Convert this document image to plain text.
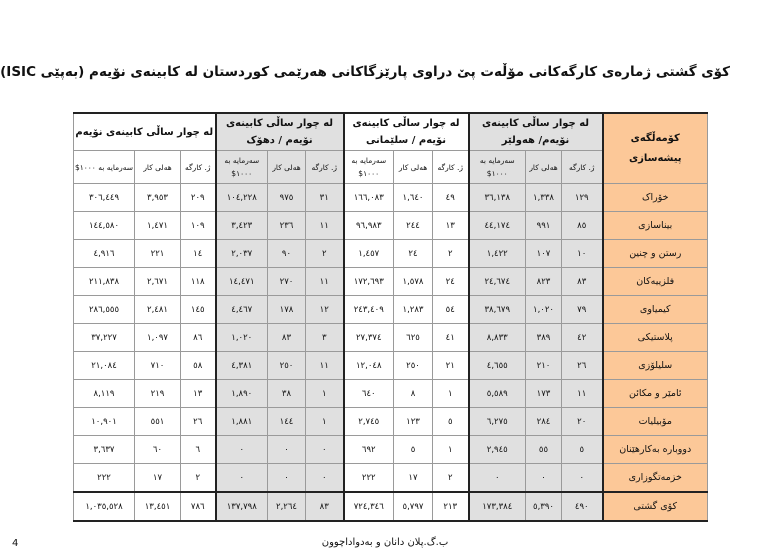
کۆی گشتی ژمارەی کارگەکانی مۆڵەت پێ دراوی پارێزگاکانی هەرێمی کوردستان لە کابینەی نۆیەم (بەپێی ISIC)
لە چوار ساڵی کابینەی نۆیەم			لە چوار ساڵی کابینەی نۆیەم / دهۆک			لە چوار ساڵی کابینەی نۆیەم / سلێمانی			لە چوار ساڵی کابینەی نۆیەم/ هەولێر			کۆمەڵگەی پیشەسازی
سەرمایە بە ١٠٠٠$	هەلی کار	ژ. کارگە	سەرمایە بە ١٠٠٠$	هەلی کار	ژ. کارگە	سەرمایە بە ١٠٠٠$	هەلی کار	ژ. کارگە	سەرمایە بە ١٠٠٠$	هەلی کار	ژ. کارگە	
٣٠٦,٤٤٩	٣,٩٥٣	٢٠٩	١٠٤,٢٢٨	٩٧٥	٣١	١٦٦,٠٨٣	١,٦٤٠	٤٩	٣٦,١٣٨	١,٣٣٨	١٢٩	خۆراک
١٤٤,٥٨٠	١,٤٧١	١٠٩	٣,٤٢٣	٢٣٦	١١	٩٦,٩٨٣	٢٤٤	١٣	٤٤,١٧٤	٩٩١	٨٥	بیناسازی
٤,٩١٦	٢٢١	١٤	٢,٠٣٧	٩٠	٢	١,٤٥٧	٢٤	٢	١,٤٢٢	١٠٧	١٠	رستن و چنین
٢١١,٨٣٨	٢,٦٧١	١١٨	١٤,٤٧١	٢٧٠	١١	١٧٢,٦٩٣	١,٥٧٨	٢٤	٢٤,٦٧٤	٨٢٣	٨٣	فلزییەکان
٢٨٦,٥٥٥	٢,٤٨١	١٤٥	٤,٤٦٧	١٧٨	١٢	٢٤٣,٤٠٩	١,٢٨٣	٥٤	٣٨,٦٧٩	١,٠٢٠	٧٩	کیمیاوی
٣٧,٢٢٧	١,٠٩٧	٨٦	١,٠٢٠	٨٣	٣	٢٧,٣٧٤	٦٢٥	٤١	٨,٨٣٣	٣٨٩	٤٢	پلاستیکی
٢١,٠٨٤	٧١٠	٥٨	٤,٣٨١	٢٥٠	١١	١٢,٠٤٨	٢٥٠	٢١	٤,٦٥٥	٢١٠	٢٦	سلیلۆزی
٨,١١٩	٢١٩	١٣	١,٨٩٠	٣٨	١	٦٤٠	٨	١	٥,٥٨٩	١٧٣	١١	ئامێر و مکائن
١٠,٩٠١	٥٥١	٢٦	١,٨٨١	١٤٤	١	٢,٧٤٥	١٢٣	٥	٦,٢٧٥	٢٨٤	٢٠	مۆبیلیات
٣,٦٣٧	٦٠	٦	٠	٠	٠	٦٩٢	٥	١	٢,٩٤٥	٥٥	٥	دووبارە بەکارهێنان
٢٢٢	١٧	٢	٠	٠	٠	٢٢٢	١٧	٢	٠	٠	٠	خزمەتگوزاری
١,٠٣٥,٥٢٨	١٣,٤٥١	٧٨٦	١٣٧,٧٩٨	٢,٢٦٤	٨٣	٧٢٤,٣٤٦	٥,٧٩٧	٢١٣	١٧٣,٣٨٤	٥,٣٩٠	٤٩٠	کۆی گشتی
4	ب.گ.پلان دانان و بەدواداچوون
